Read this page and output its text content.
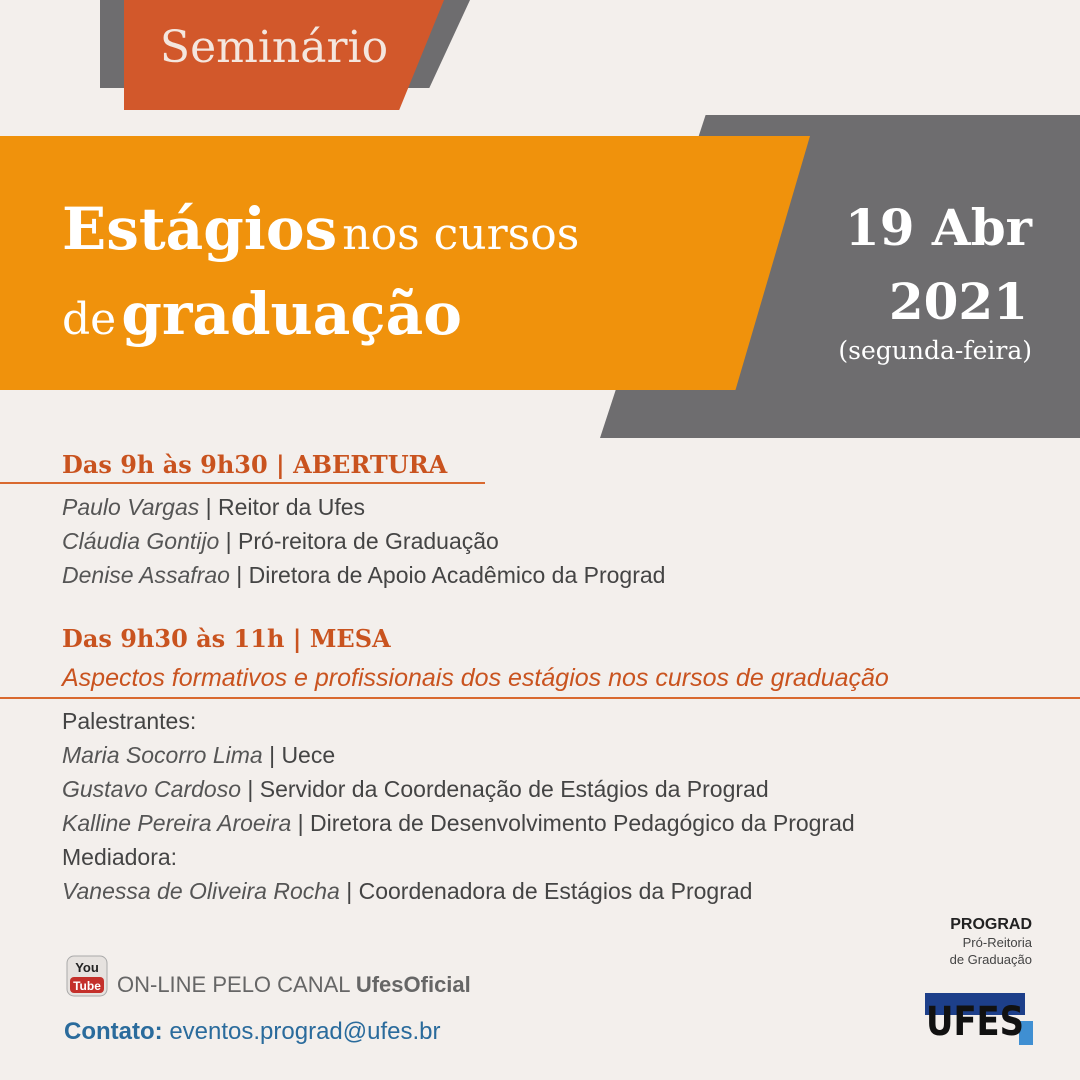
Seminário
Estágios nos cursos
de graduação
19 Abr
2021
(segunda-feira)
Das 9h às 9h30 | ABERTURA
Paulo Vargas | Reitor da Ufes
Cláudia Gontijo | Pró-reitora de Graduação
Denise Assafrao | Diretora de Apoio Acadêmico da Prograd
Das 9h30 às 11h | MESA
Aspectos formativos e profissionais dos estágios nos cursos de graduação
Palestrantes:
Maria Socorro Lima | Uece
Gustavo Cardoso | Servidor da Coordenação de Estágios da Prograd
Kalline Pereira Aroeira | Diretora de Desenvolvimento Pedagógico da Prograd
Mediadora:
Vanessa de Oliveira Rocha | Coordenadora de Estágios da Prograd
You
Tube ON-LINE PELO CANAL UfesOficial
Contato: eventos.prograd@ufes.br
PROGRAD
Pró-Reitoria
de Graduação
UFES
